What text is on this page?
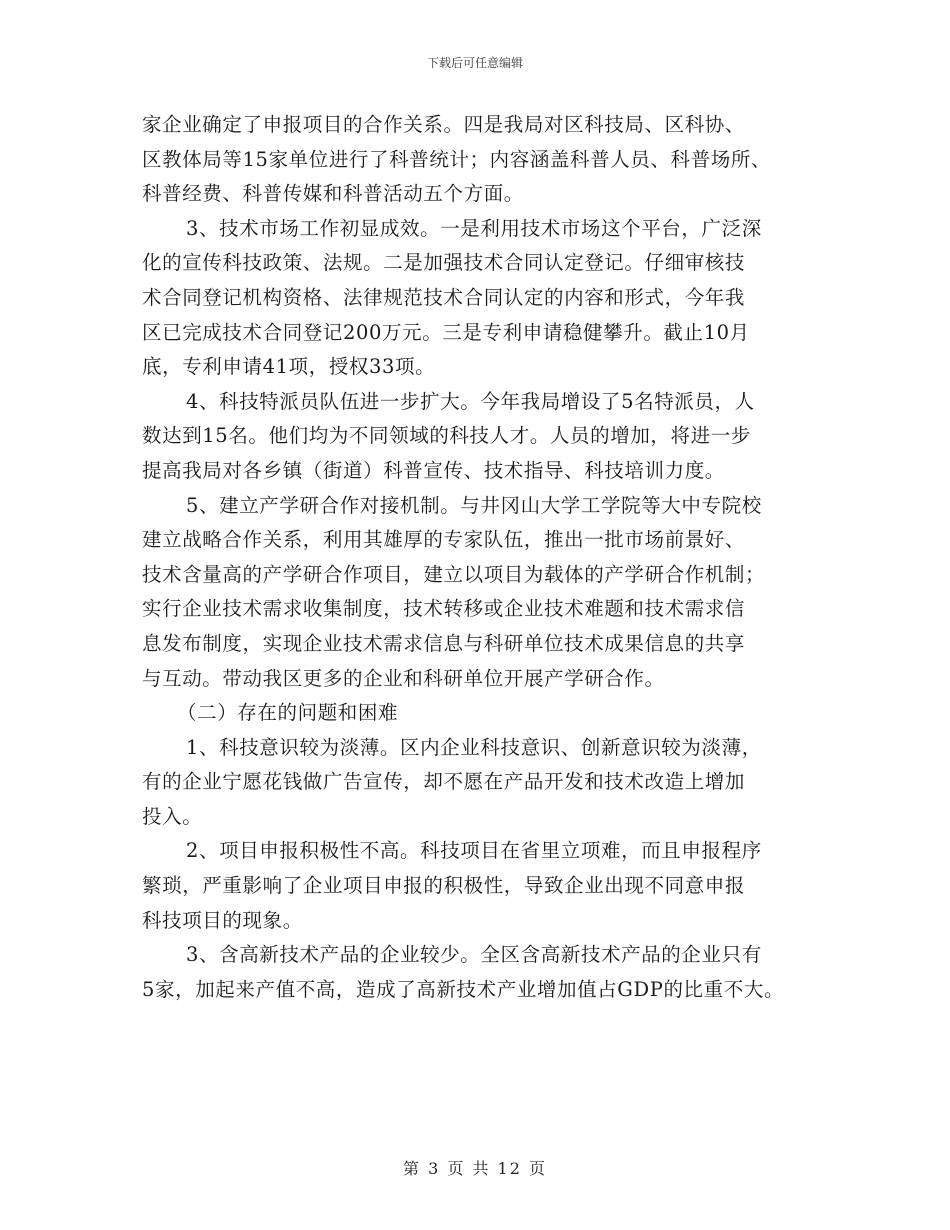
下载后可任意编辑
家企业确定了申报项目的合作关系。四是我局对区科技局、区科协、
区教体局等15家单位进行了科普统计；内容涵盖科普人员、科普场所、
科普经费、科普传媒和科普活动五个方面。
3、技术市场工作初显成效。一是利用技术市场这个平台，广泛深
化的宣传科技政策、法规。二是加强技术合同认定登记。仔细审核技
术合同登记机构资格、法律规范技术合同认定的内容和形式，今年我
区已完成技术合同登记200万元。三是专利申请稳健攀升。截止10月
底，专利申请41项，授权33项。
4、科技特派员队伍进一步扩大。今年我局增设了5名特派员，人
数达到15名。他们均为不同领域的科技人才。人员的增加，将进一步
提高我局对各乡镇（街道）科普宣传、技术指导、科技培训力度。
5、建立产学研合作对接机制。与井冈山大学工学院等大中专院校
建立战略合作关系，利用其雄厚的专家队伍，推出一批市场前景好、
技术含量高的产学研合作项目，建立以项目为载体的产学研合作机制；
实行企业技术需求收集制度，技术转移或企业技术难题和技术需求信
息发布制度，实现企业技术需求信息与科研单位技术成果信息的共享
与互动。带动我区更多的企业和科研单位开展产学研合作。
（二）存在的问题和困难
1、科技意识较为淡薄。区内企业科技意识、创新意识较为淡薄，
有的企业宁愿花钱做广告宣传，却不愿在产品开发和技术改造上增加
投入。
2、项目申报积极性不高。科技项目在省里立项难，而且申报程序
繁琐，严重影响了企业项目申报的积极性，导致企业出现不同意申报
科技项目的现象。
3、含高新技术产品的企业较少。全区含高新技术产品的企业只有
5家，加起来产值不高，造成了高新技术产业增加值占GDP的比重不大。
第 3 页 共 12 页
